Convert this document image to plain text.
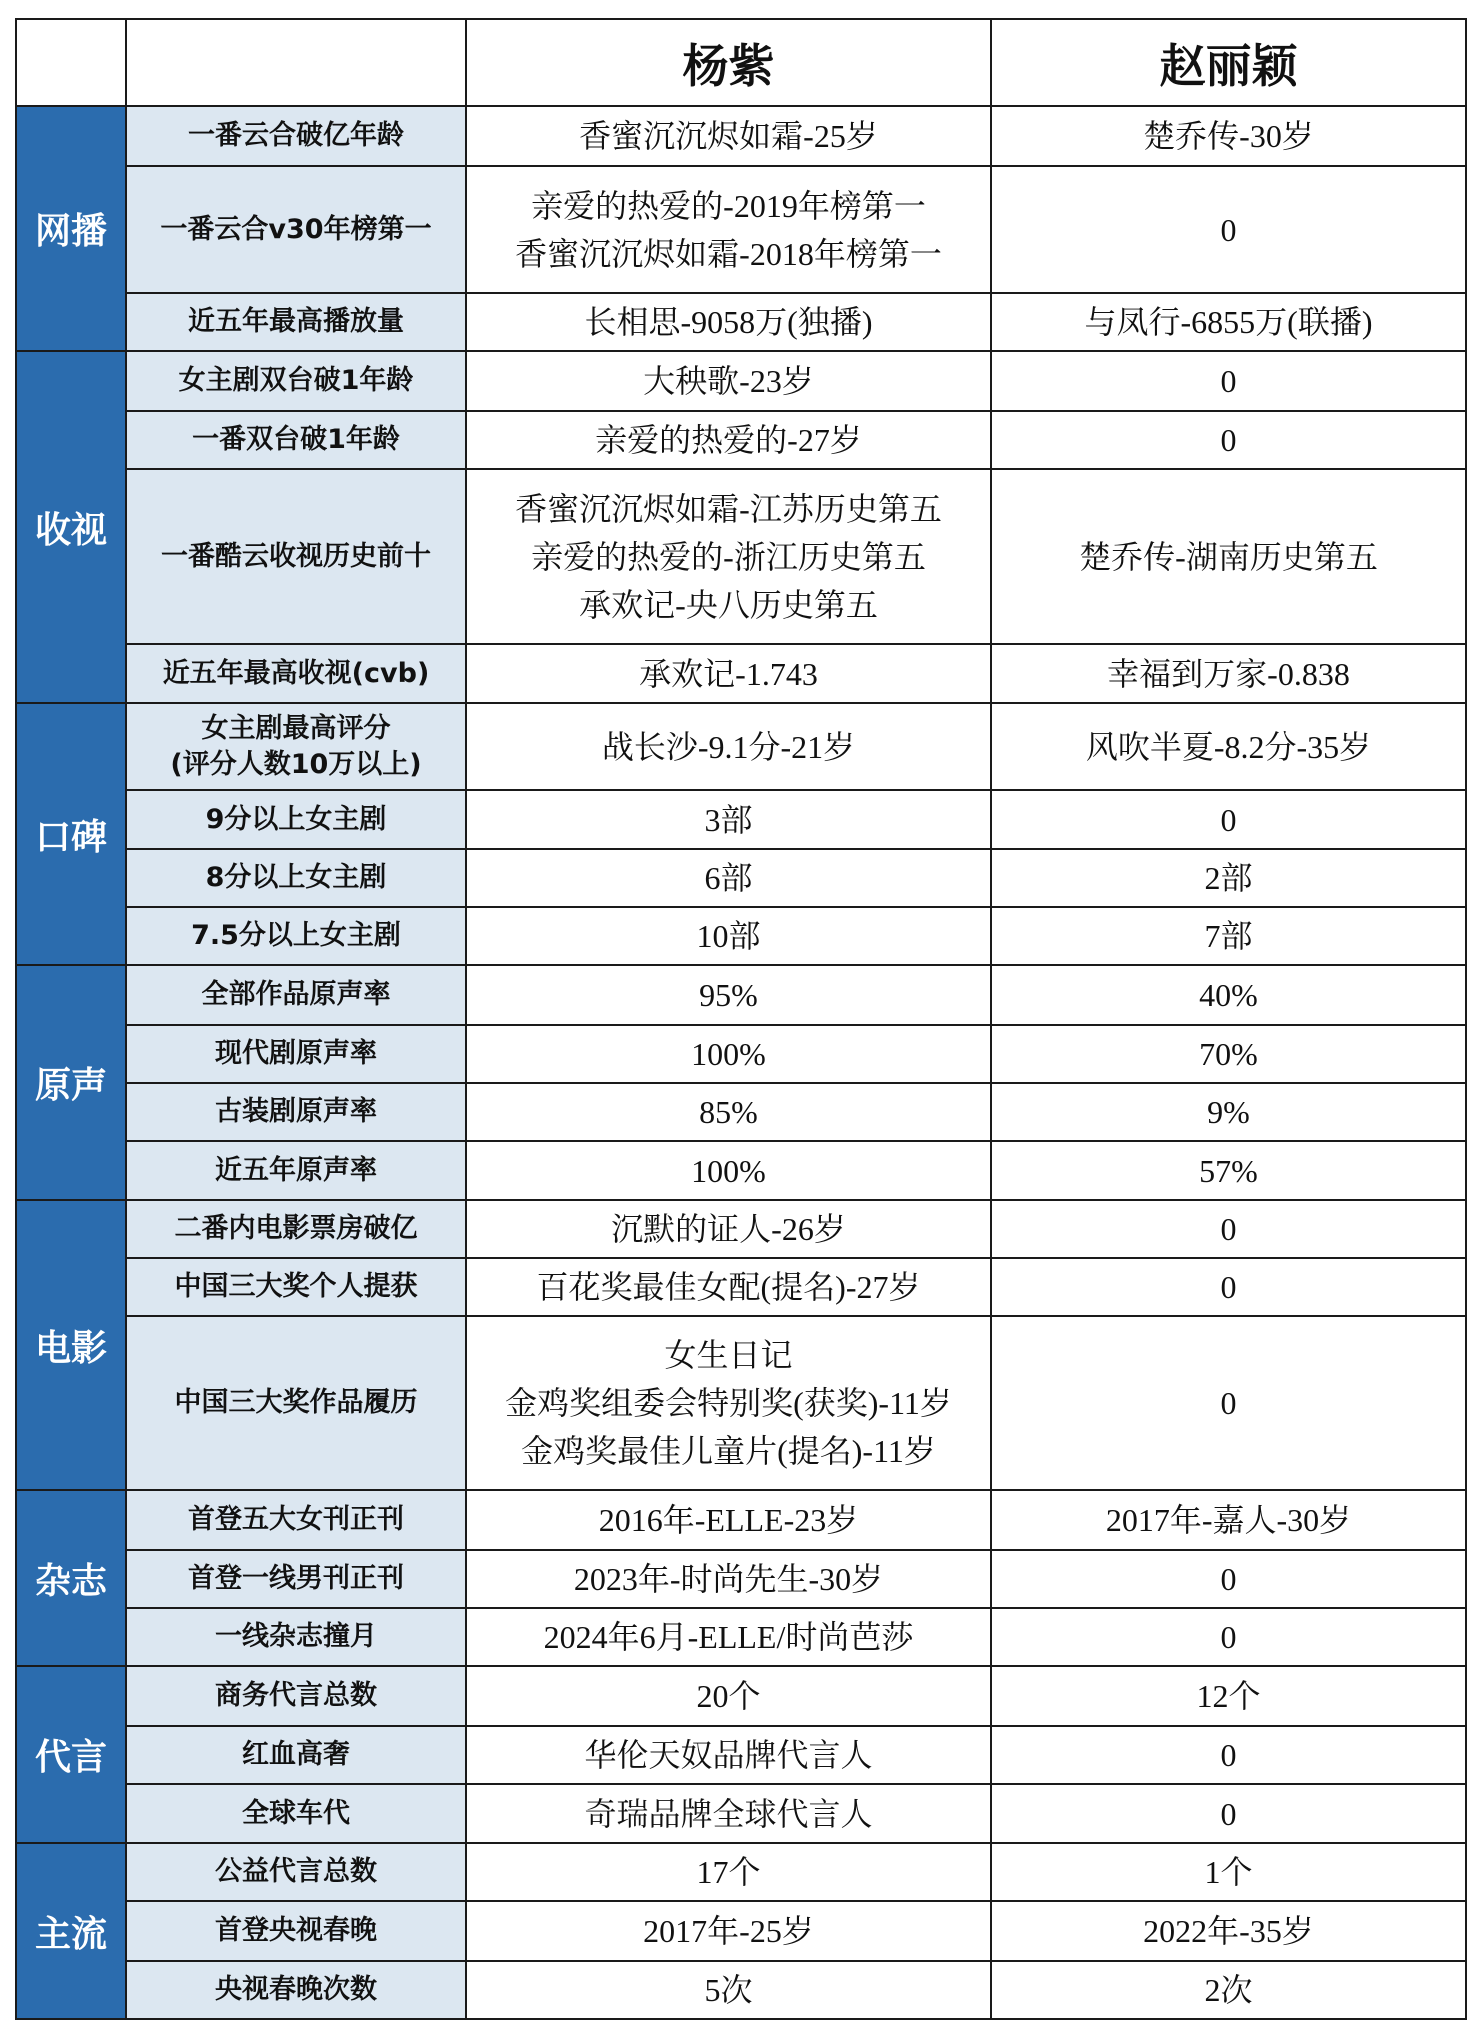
		杨紫	赵丽颖
网播	一番云合破亿年龄	香蜜沉沉烬如霜-25岁	楚乔传-30岁

	一番云合v30年榜第一	亲爱的热爱的-2019年榜第一
香蜜沉沉烬如霜-2018年榜第一	0

	近五年最高播放量	长相思-9058万(独播)	与凤行-6855万(联播)

收视	女主剧双台破1年龄	大秧歌-23岁	0

	一番双台破1年龄	亲爱的热爱的-27岁	0

	一番酷云收视历史前十	香蜜沉沉烬如霜-江苏历史第五
亲爱的热爱的-浙江历史第五
承欢记-央八历史第五	楚乔传-湖南历史第五

	近五年最高收视(cvb)	承欢记-1.743	幸福到万家-0.838

口碑	女主剧最高评分
(评分人数10万以上)	战长沙-9.1分-21岁	风吹半夏-8.2分-35岁

	9分以上女主剧	3部	0

	8分以上女主剧	6部	2部

	7.5分以上女主剧	10部	7部

原声	全部作品原声率	95%	40%

	现代剧原声率	100%	70%

	古装剧原声率	85%	9%

	近五年原声率	100%	57%

电影	二番内电影票房破亿	沉默的证人-26岁	0

	中国三大奖个人提获	百花奖最佳女配(提名)-27岁	0

	中国三大奖作品履历	女生日记
金鸡奖组委会特别奖(获奖)-11岁
金鸡奖最佳儿童片(提名)-11岁	0

杂志	首登五大女刊正刊	2016年-ELLE-23岁	2017年-嘉人-30岁

	首登一线男刊正刊	2023年-时尚先生-30岁	0

	一线杂志撞月	2024年6月-ELLE/时尚芭莎	0

代言	商务代言总数	20个	12个

	红血高奢	华伦天奴品牌代言人	0

	全球车代	奇瑞品牌全球代言人	0

主流	公益代言总数	17个	1个

	首登央视春晚	2017年-25岁	2022年-35岁

	央视春晚次数	5次	2次
